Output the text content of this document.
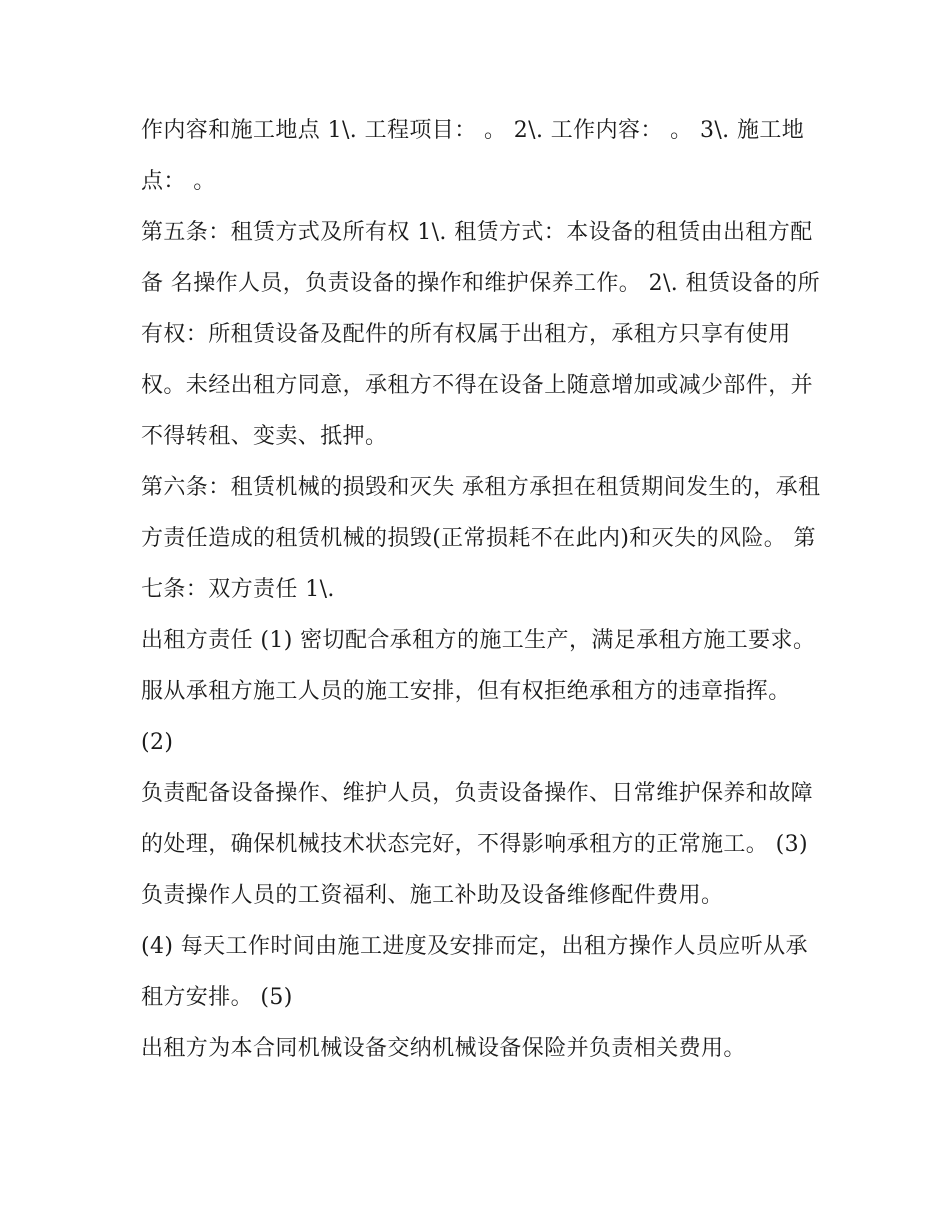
作内容和施工地点 1\. 工程项目： 。 2\. 工作内容： 。 3\. 施工地点： 。

第五条：租赁方式及所有权 1\. 租赁方式：本设备的租赁由出租方配备 名操作人员，负责设备的操作和维护保养工作。 2\. 租赁设备的所有权：所租赁设备及配件的所有权属于出租方，承租方只享有使用权。未经出租方同意，承租方不得在设备上随意增加或减少部件，并不得转租、变卖、抵押。

第六条：租赁机械的损毁和灭失 承租方承担在租赁期间发生的，承租方责任造成的租赁机械的损毁(正常损耗不在此内)和灭失的风险。 第七条：双方责任 1\.

出租方责任 (1) 密切配合承租方的施工生产，满足承租方施工要求。服从承租方施工人员的施工安排，但有权拒绝承租方的违章指挥。 (2)

负责配备设备操作、维护人员，负责设备操作、日常维护保养和故障的处理，确保机械技术状态完好，不得影响承租方的正常施工。 (3)

负责操作人员的工资福利、施工补助及设备维修配件费用。

(4) 每天工作时间由施工进度及安排而定，出租方操作人员应听从承租方安排。 (5)

出租方为本合同机械设备交纳机械设备保险并负责相关费用。
